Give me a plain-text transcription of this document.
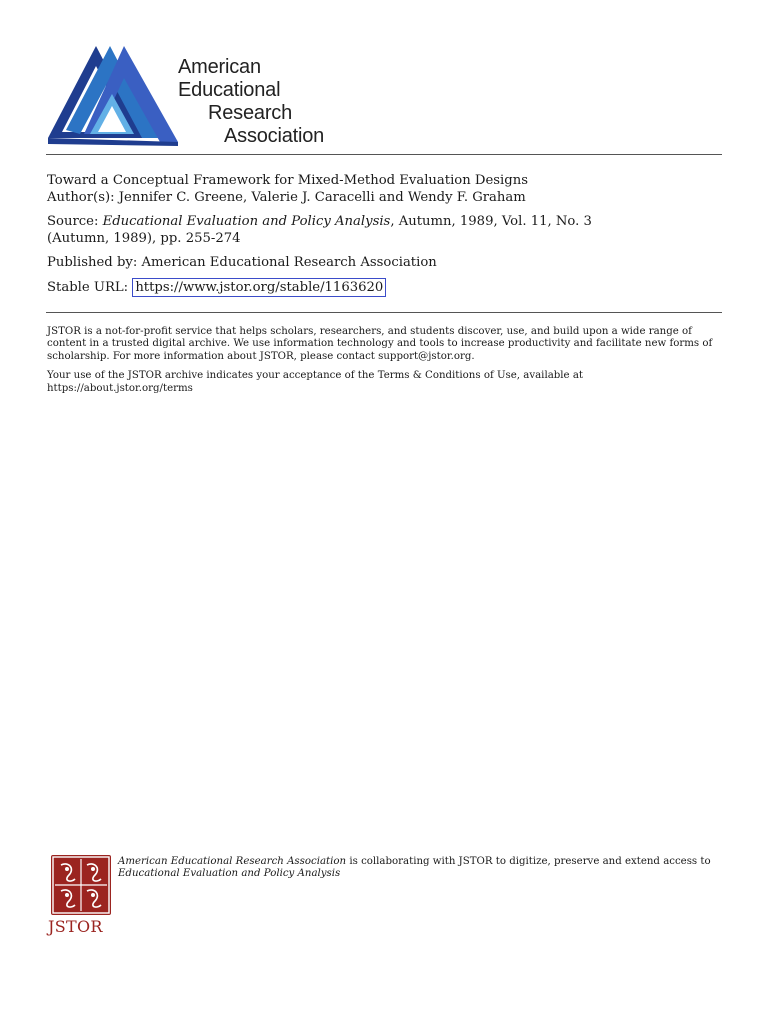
American
Educational
Research
Association

Toward a Conceptual Framework for Mixed-Method Evaluation Designs

Author(s): Jennifer C. Greene, Valerie J. Caracelli and Wendy F. Graham

Source: Educational Evaluation and Policy Analysis, Autumn, 1989, Vol. 11, No. 3

(Autumn, 1989), pp. 255-274

Published by: American Educational Research Association

Stable URL: https://www.jstor.org/stable/1163620

JSTOR is a not-for-profit service that helps scholars, researchers, and students discover, use, and build upon a wide range of content in a trusted digital archive. We use information technology and tools to increase productivity and facilitate new forms of scholarship. For more information about JSTOR, please contact support@jstor.org.

Your use of the JSTOR archive indicates your acceptance of the Terms & Conditions of Use, available at https://about.jstor.org/terms

JSTOR
American Educational Research Association is collaborating with JSTOR to digitize, preserve and extend access to Educational Evaluation and Policy Analysis
